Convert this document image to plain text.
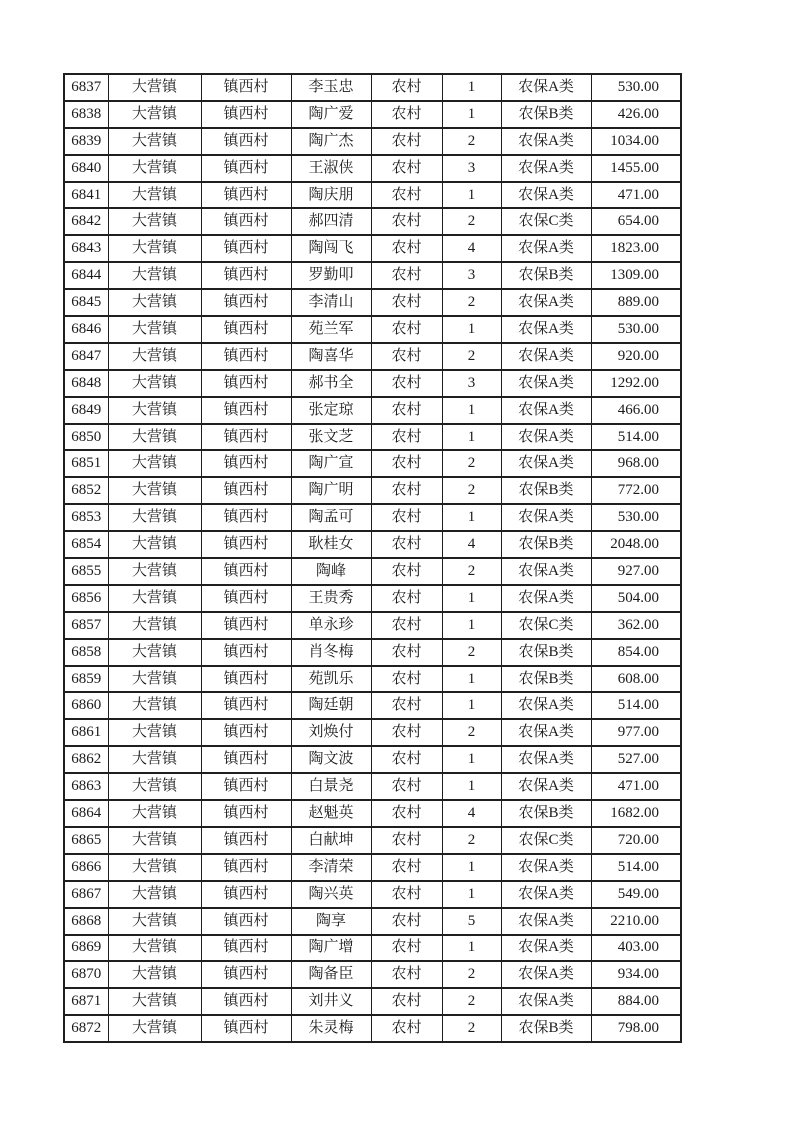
6837	大营镇	镇西村	李玉忠	农村	1	农保A类	530.00
6838	大营镇	镇西村	陶广爱	农村	1	农保B类	426.00
6839	大营镇	镇西村	陶广杰	农村	2	农保A类	1034.00
6840	大营镇	镇西村	王淑侠	农村	3	农保A类	1455.00
6841	大营镇	镇西村	陶庆朋	农村	1	农保A类	471.00
6842	大营镇	镇西村	郝四清	农村	2	农保C类	654.00
6843	大营镇	镇西村	陶闯飞	农村	4	农保A类	1823.00
6844	大营镇	镇西村	罗勤叩	农村	3	农保B类	1309.00
6845	大营镇	镇西村	李清山	农村	2	农保A类	889.00
6846	大营镇	镇西村	苑兰军	农村	1	农保A类	530.00
6847	大营镇	镇西村	陶喜华	农村	2	农保A类	920.00
6848	大营镇	镇西村	郝书全	农村	3	农保A类	1292.00
6849	大营镇	镇西村	张定琼	农村	1	农保A类	466.00
6850	大营镇	镇西村	张文芝	农村	1	农保A类	514.00
6851	大营镇	镇西村	陶广宣	农村	2	农保A类	968.00
6852	大营镇	镇西村	陶广明	农村	2	农保B类	772.00
6853	大营镇	镇西村	陶孟可	农村	1	农保A类	530.00
6854	大营镇	镇西村	耿桂女	农村	4	农保B类	2048.00
6855	大营镇	镇西村	陶峰	农村	2	农保A类	927.00
6856	大营镇	镇西村	王贵秀	农村	1	农保A类	504.00
6857	大营镇	镇西村	单永珍	农村	1	农保C类	362.00
6858	大营镇	镇西村	肖冬梅	农村	2	农保B类	854.00
6859	大营镇	镇西村	苑凯乐	农村	1	农保B类	608.00
6860	大营镇	镇西村	陶廷朝	农村	1	农保A类	514.00
6861	大营镇	镇西村	刘焕付	农村	2	农保A类	977.00
6862	大营镇	镇西村	陶文波	农村	1	农保A类	527.00
6863	大营镇	镇西村	白景尧	农村	1	农保A类	471.00
6864	大营镇	镇西村	赵魁英	农村	4	农保B类	1682.00
6865	大营镇	镇西村	白献坤	农村	2	农保C类	720.00
6866	大营镇	镇西村	李清荣	农村	1	农保A类	514.00
6867	大营镇	镇西村	陶兴英	农村	1	农保A类	549.00
6868	大营镇	镇西村	陶享	农村	5	农保A类	2210.00
6869	大营镇	镇西村	陶广增	农村	1	农保A类	403.00
6870	大营镇	镇西村	陶备臣	农村	2	农保A类	934.00
6871	大营镇	镇西村	刘井义	农村	2	农保A类	884.00
6872	大营镇	镇西村	朱灵梅	农村	2	农保B类	798.00
